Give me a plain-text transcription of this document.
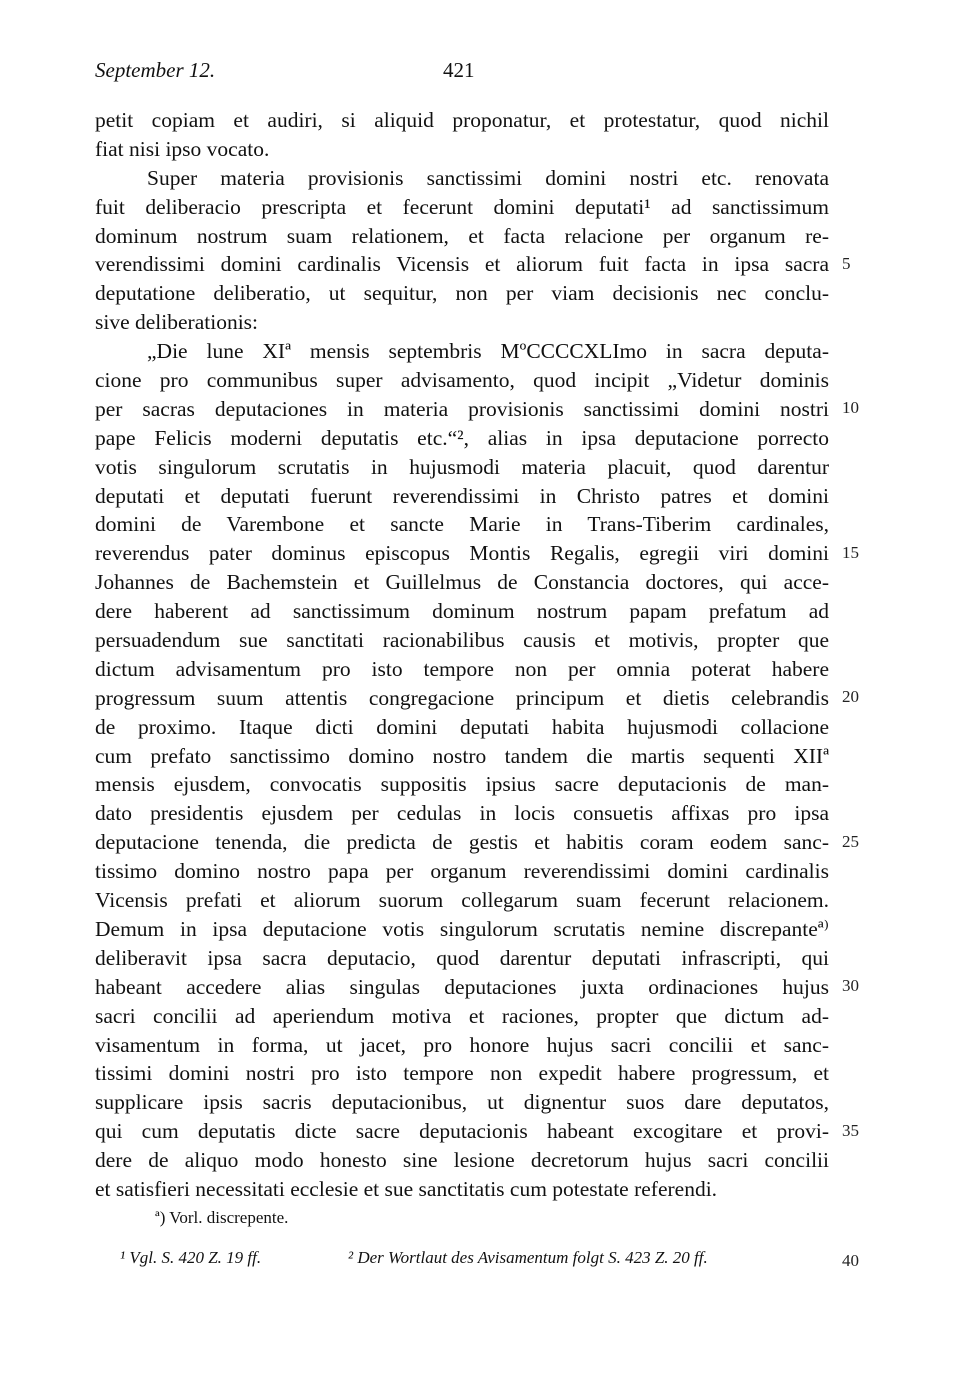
September 12.	421
petit copiam et audiri, si aliquid proponatur, et protestatur, quod nichil
fiat nisi ipso vocato.
Super materia provisionis sanctissimi domini nostri etc. renovata
fuit deliberacio prescripta et fecerunt domini deputati¹ ad sanctissimum
dominum nostrum suam relationem, et facta relacione per organum re-
verendissimi domini cardinalis Vicensis et aliorum fuit facta in ipsa sacra
deputatione deliberatio, ut sequitur, non per viam decisionis nec conclu-
sive deliberationis:
„Die lune XIª mensis septembris MºCCCCXLImo in sacra deputa-
cione pro communibus super advisamento, quod incipit „Videtur dominis
per sacras deputaciones in materia provisionis sanctissimi domini nostri
pape Felicis moderni deputatis etc.“², alias in ipsa deputacione porrecto
votis singulorum scrutatis in hujusmodi materia placuit, quod darentur
deputati et deputati fuerunt reverendissimi in Christo patres et domini
domini de Varembone et sancte Marie in Trans-Tiberim cardinales,
reverendus pater dominus episcopus Montis Regalis, egregii viri domini
Johannes de Bachemstein et Guillelmus de Constancia doctores, qui acce-
dere haberent ad sanctissimum dominum nostrum papam prefatum ad
persuadendum sue sanctitati racionabilibus causis et motivis, propter que
dictum advisamentum pro isto tempore non per omnia poterat habere
progressum suum attentis congregacione principum et dietis celebrandis
de proximo. Itaque dicti domini deputati habita hujusmodi collacione
cum prefato sanctissimo domino nostro tandem die martis sequenti XIIª
mensis ejusdem, convocatis suppositis ipsius sacre deputacionis de man-
dato presidentis ejusdem per cedulas in locis consuetis affixas pro ipsa
deputacione tenenda, die predicta de gestis et habitis coram eodem sanc-
tissimo domino nostro papa per organum reverendissimi domini cardinalis
Vicensis prefati et aliorum suorum collegarum suam fecerunt relacionem.
Demum in ipsa deputacione votis singulorum scrutatis nemine discrepanteª⁾
deliberavit ipsa sacra deputacio, quod darentur deputati infrascripti, qui
habeant accedere alias singulas deputaciones juxta ordinaciones hujus
sacri concilii ad aperiendum motiva et raciones, propter que dictum ad-
visamentum in forma, ut jacet, pro honore hujus sacri concilii et sanc-
tissimi domini nostri pro isto tempore non expedit habere progressum, et
supplicare ipsis sacris deputacionibus, ut dignentur suos dare deputatos,
qui cum deputatis dicte sacre deputacionis habeant excogitare et provi-
dere de aliquo modo honesto sine lesione decretorum hujus sacri concilii
et satisfieri necessitati ecclesie et sue sanctitatis cum potestate referendi.
5
10
15
20
25
30
35
40
ª) Vorl. discrepente.
¹ Vgl. S. 420 Z. 19 ff.	² Der Wortlaut des Avisamentum folgt S. 423 Z. 20 ff.
